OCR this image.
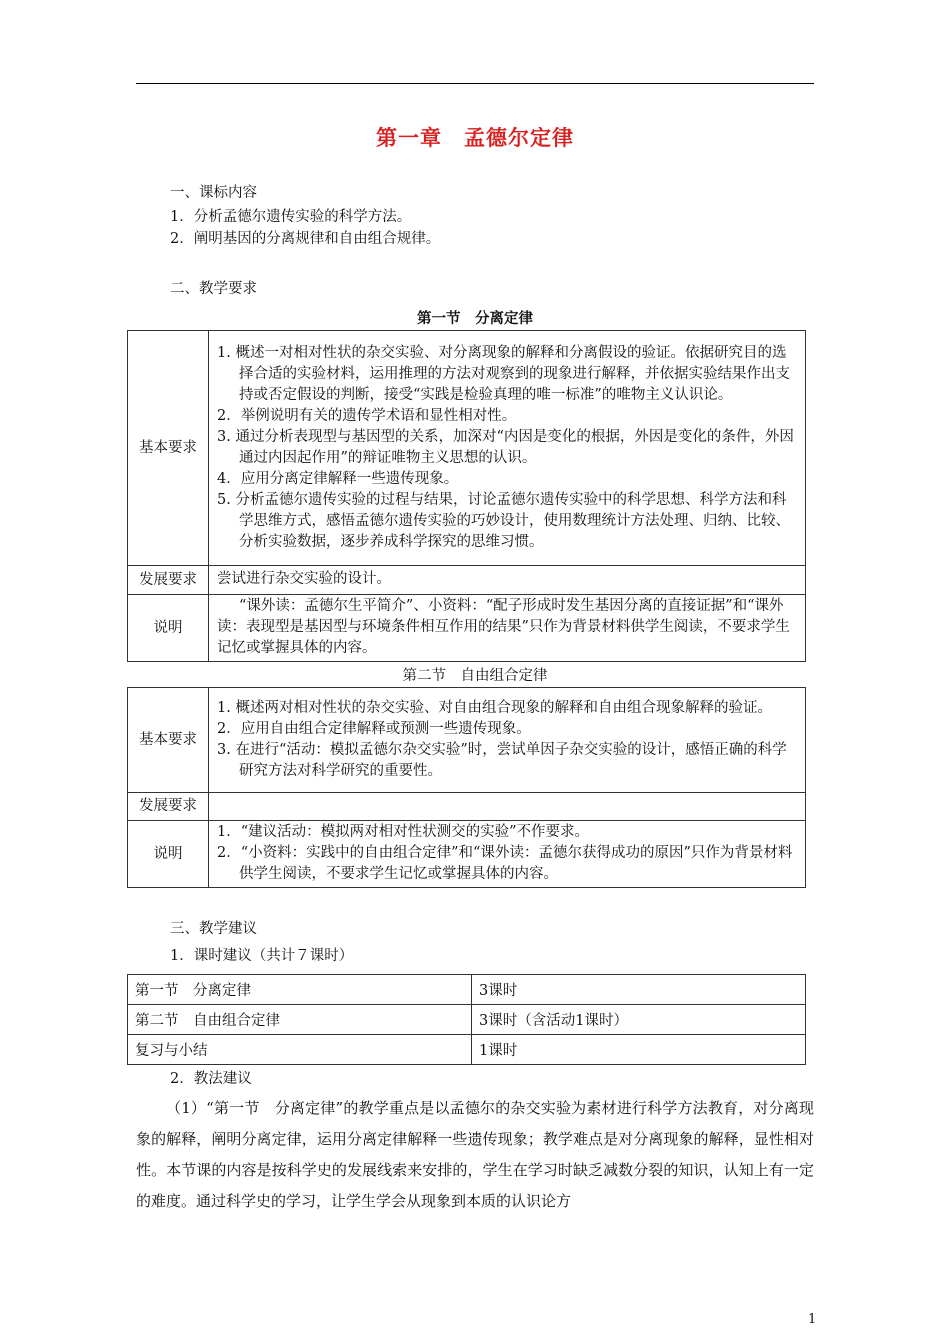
第一章　孟德尔定律
一、课标内容
1．分析孟德尔遗传实验的科学方法。
2．阐明基因的分离规律和自由组合规律。
二、教学要求
第一节　分离定律
基本要求	1. 概述一对相对性状的杂交实验、对分离现象的解释和分离假设的验证。依据研究目的选择合适的实验材料，运用推理的方法对观察到的现象进行解释，并依据实验结果作出支持或否定假设的判断，接受“实践是检验真理的唯一标准”的唯物主义认识论。
2．举例说明有关的遗传学术语和显性相对性。
3. 通过分析表现型与基因型的关系，加深对“内因是变化的根据，外因是变化的条件，外因通过内因起作用”的辩证唯物主义思想的认识。
4．应用分离定律解释一些遗传现象。
5. 分析孟德尔遗传实验的过程与结果，讨论孟德尔遗传实验中的科学思想、科学方法和科学思维方式，感悟孟德尔遗传实验的巧妙设计，使用数理统计方法处理、归纳、比较、分析实验数据，逐步养成科学探究的思维习惯。

发展要求	尝试进行杂交实验的设计。
说明	“课外读：孟德尔生平简介”、小资料：“配子形成时发生基因分离的直接证据”和“课外读：表现型是基因型与环境条件相互作用的结果”只作为背景材料供学生阅读，不要求学生记忆或掌握具体的内容。
第二节　自由组合定律
基本要求	1. 概述两对相对性状的杂交实验、对自由组合现象的解释和自由组合现象解释的验证。
2．应用自由组合定律解释或预测一些遗传现象。
3. 在进行“活动：模拟孟德尔杂交实验”时，尝试单因子杂交实验的设计，感悟正确的科学研究方法对科学研究的重要性。

发展要求	
说明	1．“建议活动：模拟两对相对性状测交的实验”不作要求。
2．“小资料：实践中的自由组合定律”和“课外读：孟德尔获得成功的原因”只作为背景材料供学生阅读，不要求学生记忆或掌握具体的内容。
三、教学建议
1．课时建议（共计７课时）
第一节　分离定律	3课时
第二节　自由组合定律	3课时（含活动1课时）
复习与小结	1课时
2．教法建议
（1）“第一节　分离定律”的教学重点是以孟德尔的杂交实验为素材进行科学方法教育，对分离现象的解释，阐明分离定律，运用分离定律解释一些遗传现象；教学难点是对分离现象的解释，显性相对性。本节课的内容是按科学史的发展线索来安排的，学生在学习时缺乏减数分裂的知识，认知上有一定的难度。通过科学史的学习，让学生学会从现象到本质的认识论方
1
